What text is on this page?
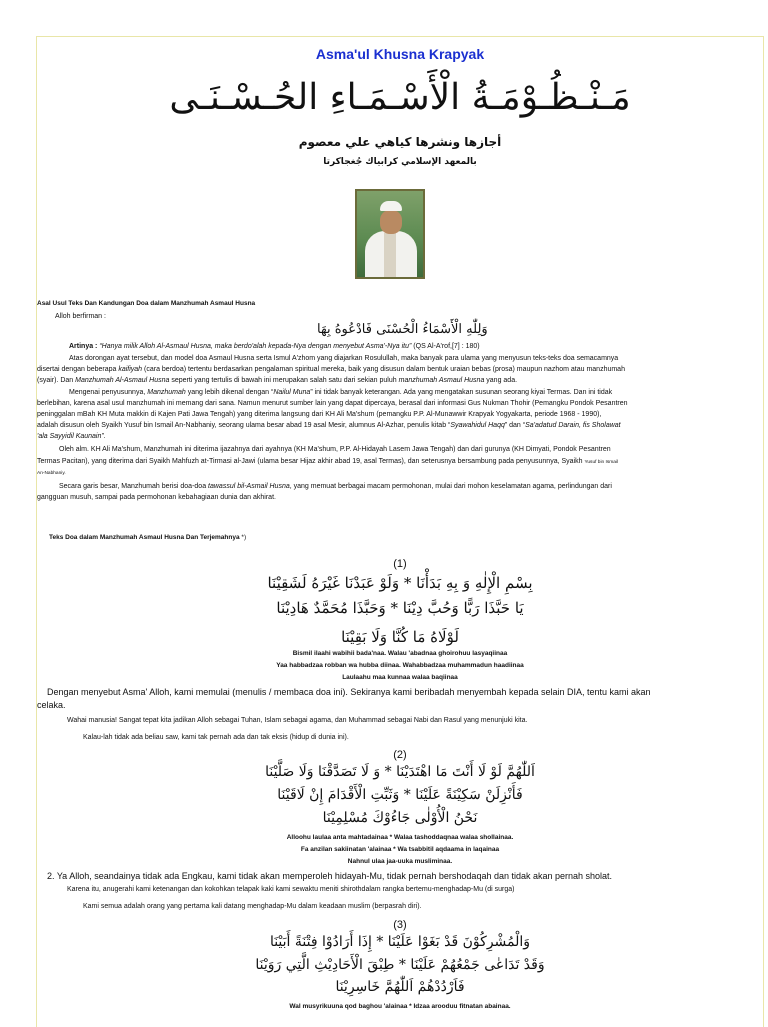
Asma'ul Khusna Krapyak
مَـنْـظُـوْمَـةُ الْأَسْـمَـاءِ الحُـسْـنَـى
أجازها ونشرها كياهي علي معصوم
بالمعهد الإسلامي كرابياك جُغجاكرتا
Asal Usul Teks Dan Kandungan Doa dalam Manzhumah Asmaul Husna
Alloh berfirman :
وَلِلّٰهِ الْأَسْمَاءُ الْحُسْنَى فَادْعُوهُ بِهَا
Artinya : “Hanya milik Alloh Al-Asmaul Husna, maka berdo'alah kepada-Nya dengan menyebut Asma'-Nya itu” (QS Al-A'rof,[7] : 180)
Atas dorongan ayat tersebut, dan model doa Asmaul Husna serta Ismul A'zhom yang diajarkan Rosulullah, maka banyak para ulama yang menyusun teks-teks doa semacamnya
disertai dengan beberapa kaifiyah (cara berdoa) tertentu berdasarkan pengalaman spiritual mereka, baik yang disusun dalam bentuk uraian bebas (prosa) maupun nazhom atau manzhumah
(syair). Dan Manzhumah Al-Asmaul Husna seperti yang tertulis di bawah ini merupakan salah satu dari sekian puluh manzhumah Asmaul Husna yang ada.
Mengenai penyusunnya, Manzhumah yang lebih dikenal dengan “Nailul Muna” ini tidak banyak keterangan. Ada yang mengatakan susunan seorang kiyai Termas. Dan ini tidak
berlebihan, karena asal usul manzhumah ini memang dari sana. Namun menurut sumber lain yang dapat dipercaya, berasal dari informasi Gus Nukman Thohir (Pemangku Pondok Pesantren
peninggalan mBah KH Muta makkin di Kajen Pati Jawa Tengah) yang diterima langsung dari KH Ali Ma'shum (pemangku P.P. Al-Munawwir Krapyak Yogyakarta, periode 1968 - 1990),
adalah disusun oleh Syaikh Yusuf bin Ismail An-Nabhaniy, seorang ulama besar abad 19 asal Mesir, alumnus Al-Azhar, penulis kitab “Syawahidul Haqq” dan “Sa'adatud Darain, fis Sholawat
'ala Sayyidil Kaunain”.
Oleh alm. KH Ali Ma'shum, Manzhumah ini diterima ijazahnya dari ayahnya (KH Ma'shum, P.P. Al-Hidayah Lasem Jawa Tengah) dan dari gurunya (KH Dimyati, Pondok Pesantren
Termas Pacitan), yang diterima dari Syaikh Mahfuzh at-Tirmasi al-Jawi (ulama besar Hijaz akhir abad 19, asal Termas), dan seterusnya bersambung pada penyusunnya, Syaikh Yusuf bin Ismail
An-Nabhaniy.
Secara garis besar, Manzhumah berisi doa-doa tawassul bil-Asmail Husna, yang memuat berbagai macam permohonan, mulai dari mohon keselamatan agama, perlindungan dari
gangguan musuh, sampai pada permohonan kebahagiaan dunia dan akhirat.
Teks Doa dalam Manzhumah Asmaul Husna Dan Terjemahnya *)
(1)
بِسْمِ الْإِلٰهِ وَ بِهِ بَدَأْنَا * وَلَوْ عَبَدْنَا غَيْرَهُ لَشَقِيْنَا
يَا حَبَّذَا رَبًّا وَحُبَّ دِيْنَا * وَحَبَّذَا مُحَمَّدٌ هَادِيْنَا
لَوْلَاهُ مَا كُنَّا وَلَا بَقِيْنَا
Bismil ilaahi wabihii bada'naa. Walau 'abadnaa ghoirohuu lasyaqiinaa
Yaa habbadzaa robban wa hubba diinaa. Wahabbadzaa muhammadun haadiinaa
Laulaahu maa kunnaa walaa baqiinaa
Dengan menyebut Asma' Alloh, kami memulai (menulis / membaca doa ini). Sekiranya kami beribadah menyembah kepada selain DIA, tentu kami akan
celaka.
Wahai manusia! Sangat tepat kita jadikan Alloh sebagai Tuhan, Islam sebagai agama, dan Muhammad sebagai Nabi dan Rasul yang menunjuki kita.
Kalau-lah tidak ada beliau saw, kami tak pernah ada dan tak eksis (hidup di dunia ini).
(2)
اَللّٰهُمَّ لَوْ لَا أَنْتَ مَا اهْتَدَيْنَا * وَ لَا تَصَدَّقْنَا وَلَا صَلَّيْنَا
فَأَنْزِلَنْ سَكِيْنَةً عَلَيْنَا * وَثَبِّتِ الْأَقْدَامَ إِنْ لَاقَيْنَا
نَحْنُ الْأُوْلٰى جَاءُوْكَ مُسْلِمِيْنَا
Alloohu laulaa anta mahtadainaa * Walaa tashoddaqnaa walaa shollainaa.
Fa anzilan sakiinatan 'alainaa * Wa tsabbitil aqdaama in laqainaa
Nahnul ulaa jaa-uuka musliminaa.
2. Ya Alloh, seandainya tidak ada Engkau, kami tidak akan memperoleh hidayah-Mu, tidak pernah bershodaqah dan tidak akan pernah sholat.
Karena itu, anugerahi kami ketenangan dan kokohkan telapak kaki kami sewaktu meniti shirothdalam rangka bertemu-menghadap-Mu (di surga)
Kami semua adalah orang yang pertama kali datang menghadap-Mu dalam keadaan muslim (berpasrah diri).
(3)
وَالْمُشْرِكُوْنَ قَدْ بَغَوْا عَلَيْنَا * إِذَا أَرَادُوْا فِتْنَةً أَبَيْنَا
وَقَدْ تَدَاعٰى جَمْعُهُمْ عَلَيْنَا * طِبْقَ الْأَحَادِيْثِ الَّتِي رَوَيْنَا
فَاَرْدُدْهُمْ اَللّٰهُمَّ خَاسِرِيْنَا
Wal musyrikuuna qod baghou 'alainaa * Idzaa arooduu fitnatan abainaa.
